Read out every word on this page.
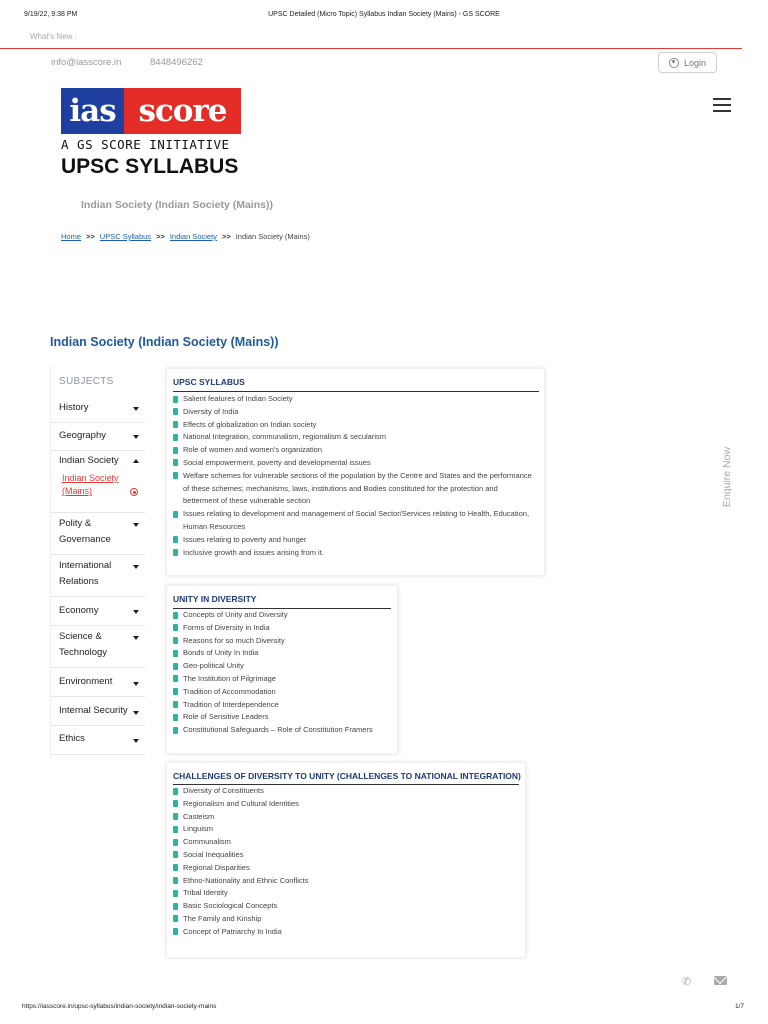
9/19/22, 9:38 PM	UPSC Detailed (Micro Topic) Syllabus Indian Society (Mains) - GS SCORE
What's New :
info@iasscore.in	8448496262	Login
ias score
A GS SCORE INITIATIVE
UPSC SYLLABUS
Indian Society (Indian Society (Mains))
Home >> UPSC Syllabus >> Indian Society >> Indian Society (Mains)
Indian Society (Indian Society (Mains))
SUBJECTS
History
Geography
Indian Society
Indian Society (Mains)
Polity & Governance
International Relations
Economy
Science & Technology
Environment
Internal Security
Ethics
UPSC SYLLABUS
Salient features of Indian Society
Diversity of India
Effects of globalization on Indian society
National Integration, communalism, regionalism & secularism
Role of women and women's organization
Social empowerment, poverty and developmental issues
Welfare schemes for vulnerable sections of the population by the Centre and States and the performance of these schemes; mechanisms, laws, institutions and Bodies constituted for the protection and betterment of these vulnerable section
Issues relating to development and management of Social Sector/Services relating to Health, Education, Human Resources
Issues relating to poverty and hunger
Inclusive growth and issues arising from it.
UNITY IN DIVERSITY
Concepts of Unity and Diversity
Forms of Diversity in India
Reasons for so much Diversity
Bonds of Unity In India
Geo-political Unity
The Institution of Pilgrimage
Tradition of Accommodation
Tradition of Interdependence
Role of Sensitive Leaders
Constitutional Safeguards – Role of Constitution Framers
CHALLENGES OF DIVERSITY TO UNITY (CHALLENGES TO NATIONAL INTEGRATION)
Diversity of Constituents
Regionalism and Cultural Identities
Casteism
Linguism
Communalism
Social Inequalities
Regional Disparities
Ethno-Nationality and Ethnic Conflicts
Tribal Identity
Basic Sociological Concepts
The Family and Kinship
Concept of Patriarchy In India
Enquire Now
✆
https://iasscore.in/upsc-syllabus/indian-society/indian-society-mains	1/7
